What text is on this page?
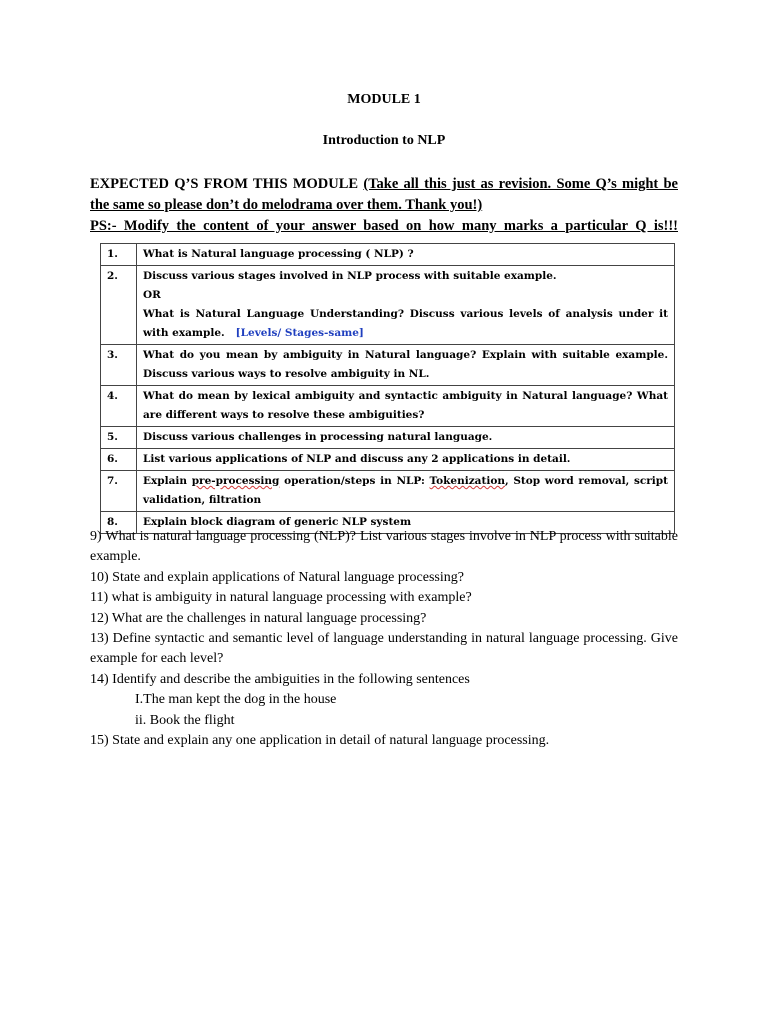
MODULE 1
Introduction to NLP
EXPECTED Q’S FROM THIS MODULE (Take all this just as revision. Some Q’s might be the same so please don’t do melodrama over them. Thank you!)
PS:- Modify the content of your answer based on how many marks a particular Q is!!!
1.	What is Natural language processing ( NLP) ?
2.	Discuss various stages involved in NLP process with suitable example.
OR
What is Natural Language Understanding? Discuss various levels of analysis under it with example. [Levels/ Stages-same]
3.	What do you mean by ambiguity in Natural language? Explain with suitable example. Discuss various ways to resolve ambiguity in NL.
4.	What do mean by lexical ambiguity and syntactic ambiguity in Natural language? What are different ways to resolve these ambiguities?
5.	Discuss various challenges in processing natural language.
6.	List various applications of NLP and discuss any 2 applications in detail.
7.	Explain pre-processing operation/steps in NLP: Tokenization, Stop word removal, script validation, filtration
8.	Explain block diagram of generic NLP system
9) What is natural language processing (NLP)? List various stages involve in NLP process with suitable example.
10) State and explain applications of Natural language processing?
11) what is ambiguity in natural language processing with example?
12) What are the challenges in natural language processing?
13) Define syntactic and semantic level of language understanding in natural language processing. Give example for each level?
14) Identify and describe the ambiguities in the following sentences
I.The man kept the dog in the house
ii. Book the flight
15) State and explain any one application in detail of natural language processing.
